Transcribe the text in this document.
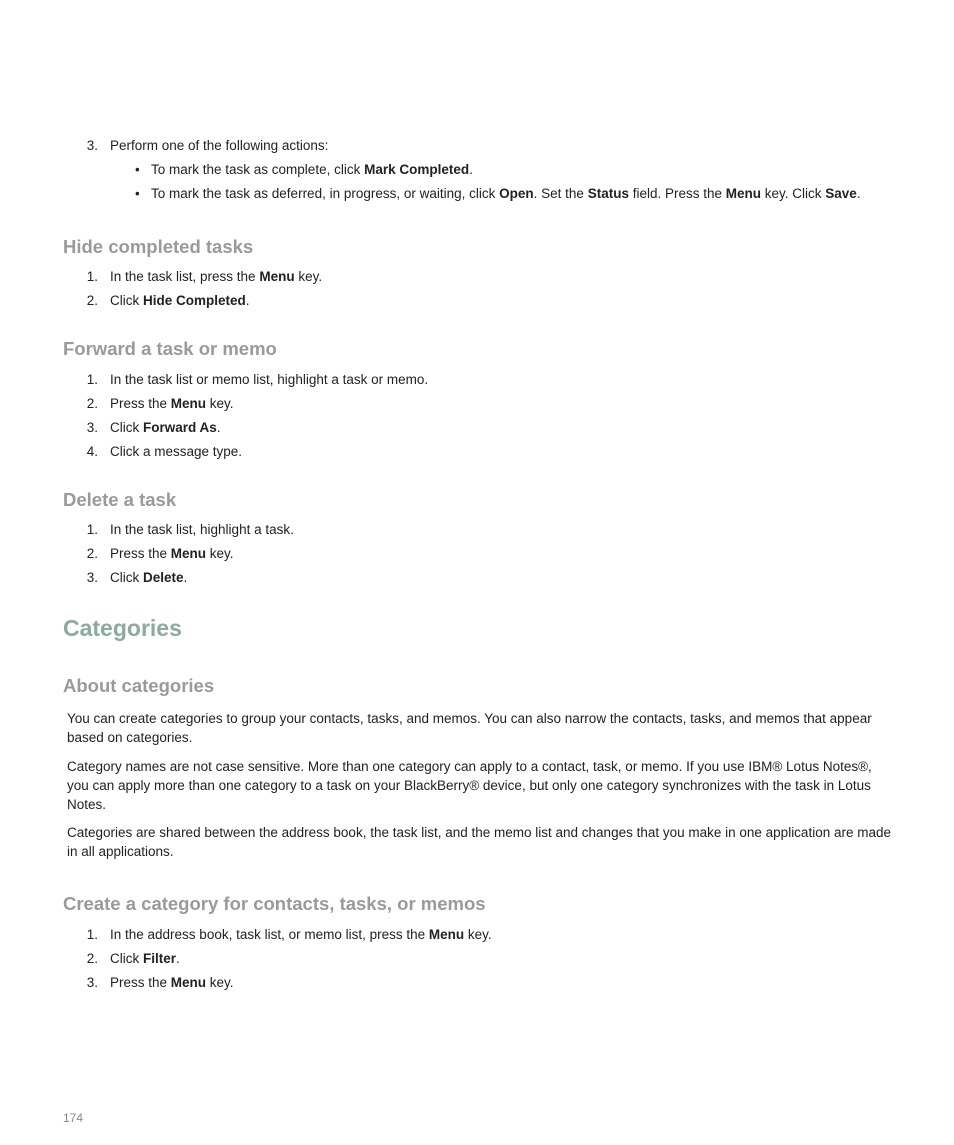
3. Perform one of the following actions:
• To mark the task as complete, click Mark Completed.
• To mark the task as deferred, in progress, or waiting, click Open. Set the Status field. Press the Menu key. Click Save.
Hide completed tasks
1. In the task list, press the Menu key.
2. Click Hide Completed.
Forward a task or memo
1. In the task list or memo list, highlight a task or memo.
2. Press the Menu key.
3. Click Forward As.
4. Click a message type.
Delete a task
1. In the task list, highlight a task.
2. Press the Menu key.
3. Click Delete.
Categories
About categories

You can create categories to group your contacts, tasks, and memos. You can also narrow the contacts, tasks, and memos that appear based on categories.

Category names are not case sensitive. More than one category can apply to a contact, task, or memo. If you use IBM® Lotus Notes®, you can apply more than one category to a task on your BlackBerry® device, but only one category synchronizes with the task in Lotus Notes.

Categories are shared between the address book, the task list, and the memo list and changes that you make in one application are made in all applications.

Create a category for contacts, tasks, or memos
1. In the address book, task list, or memo list, press the Menu key.
2. Click Filter.
3. Press the Menu key.
174
